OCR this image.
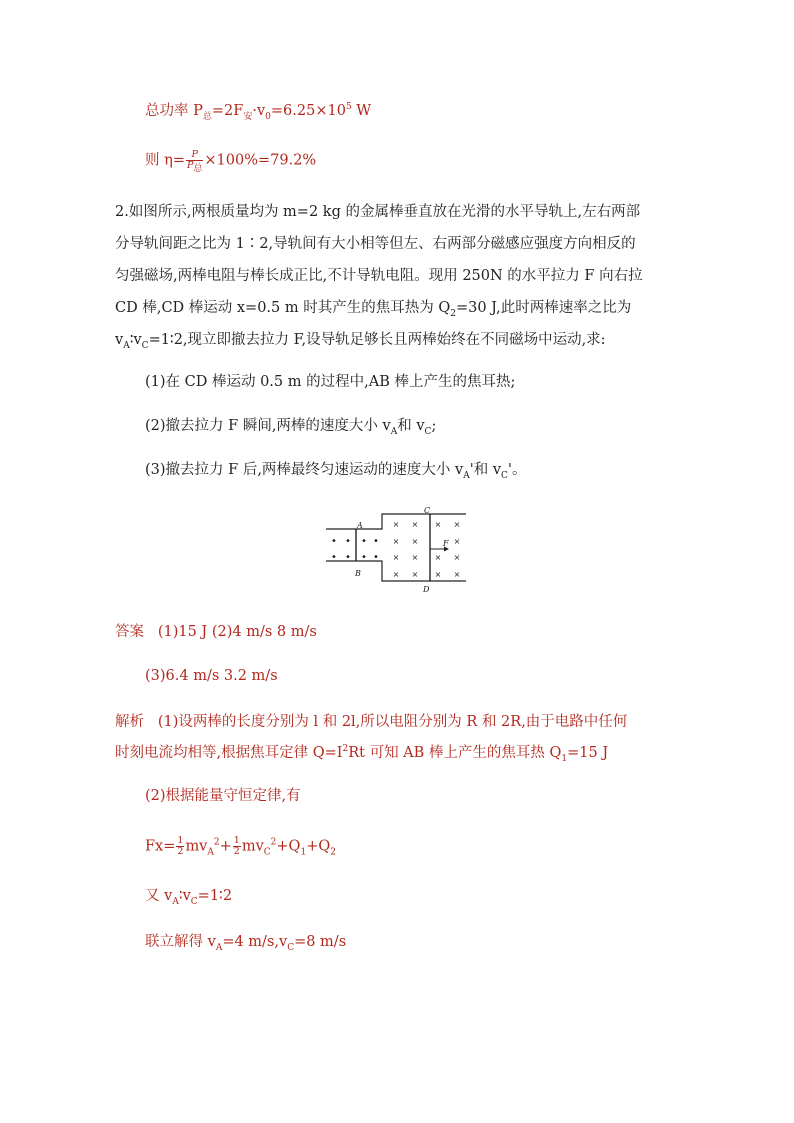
总功率 $P_总=2F_安\cdot v_0=6.25\times 10^5$ W
则 $\eta= \frac{P}{P_总} \times 100\%=79.2\%$
2.如图所示,两根质量均为 m=2 kg 的金属棒垂直放在光滑的水平导轨上,左右两部
分导轨间距之比为 1∶2,导轨间有大小相等但左、右两部分磁感应强度方向相反的
匀强磁场,两棒电阻与棒长成正比,不计导轨电阻。现用 250N 的水平拉力 F 向右拉
CD 棒,CD 棒运动 x=0.5 m 时其产生的焦耳热为 $Q_2=30$ J,此时两棒速率之比为
$v_A∶v_C=1∶2$,现立即撤去拉力 F,设导轨足够长且两棒始终在不同磁场中运动,求:
(1)在 CD 棒运动 0.5 m 的过程中,AB 棒上产生的焦耳热;
(2)撤去拉力 F 瞬间,两棒的速度大小 $v_A$和 $v_C$;
(3)撤去拉力 F 后,两棒最终匀速运动的速度大小 $v_A'$和 $v_C'$。
A
B
C
D
F
• • • •
• • • •
× × × ×
× ×	×
× × × ×
× × × ×
答案 (1)15 J (2)4 m/s 8 m/s
(3)6.4 m/s 3.2 m/s
解析 (1)设两棒的长度分别为 l 和 2l,所以电阻分别为 R 和 2R,由于电路中任何
时刻电流均相等,根据焦耳定律 $Q=I^2Rt$ 可知 AB 棒上产生的焦耳热 $Q_1=15$ J
(2)根据能量守恒定律,有
$Fx= \frac{1}{2} mv_A^2+ \frac{1}{2} mv_C^2+Q_1+Q_2$
又 $v_A∶v_C=1∶2$
联立解得 $v_A=4$ $m/s,v_C=8$ m/s
